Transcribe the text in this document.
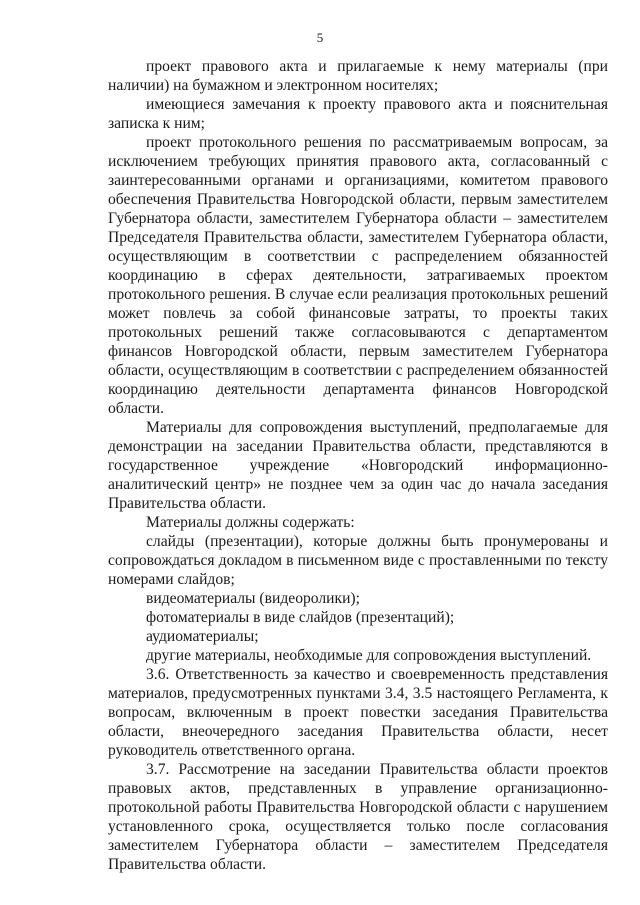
5

проект правового акта и прилагаемые к нему материалы (при наличии) на бумажном и электронном носителях;

имеющиеся замечания к проекту правового акта и пояснительная записка к ним;

проект протокольного решения по рассматриваемым вопросам, за исключением требующих принятия правового акта, согласованный с заинтересованными органами и организациями, комитетом правового обеспечения Правительства Новгородской области, первым заместителем Губернатора области, заместителем Губернатора области – заместителем Председателя Правительства области, заместителем Губернатора области, осуществляющим в соответствии с распределением обязанностей координацию в сферах деятельности, затрагиваемых проектом протокольного решения. В случае если реализация протокольных решений может повлечь за собой финансовые затраты, то проекты таких протокольных решений также согласовываются с департаментом финансов Новгородской области, первым заместителем Губернатора области, осуществляющим в соответствии с распределением обязанностей координацию деятельности департамента финансов Новгородской области.

Материалы для сопровождения выступлений, предполагаемые для демонстрации на заседании Правительства области, представляются в государственное учреждение «Новгородский информационно-аналитический центр» не позднее чем за один час до начала заседания Правительства области.

Материалы должны содержать:

слайды (презентации), которые должны быть пронумерованы и сопровождаться докладом в письменном виде с проставленными по тексту номерами слайдов;

видеоматериалы (видеоролики);

фотоматериалы в виде слайдов (презентаций);

аудиоматериалы;

другие материалы, необходимые для сопровождения выступлений.

3.6. Ответственность за качество и своевременность представления материалов, предусмотренных пунктами 3.4, 3.5 настоящего Регламента, к вопросам, включенным в проект повестки заседания Правительства области, внеочередного заседания Правительства области, несет руководитель ответственного органа.

3.7. Рассмотрение на заседании Правительства области проектов правовых актов, представленных в управление организационно-протокольной работы Правительства Новгородской области с нарушением установленного срока, осуществляется только после согласования заместителем Губернатора области – заместителем Председателя Правительства области.
